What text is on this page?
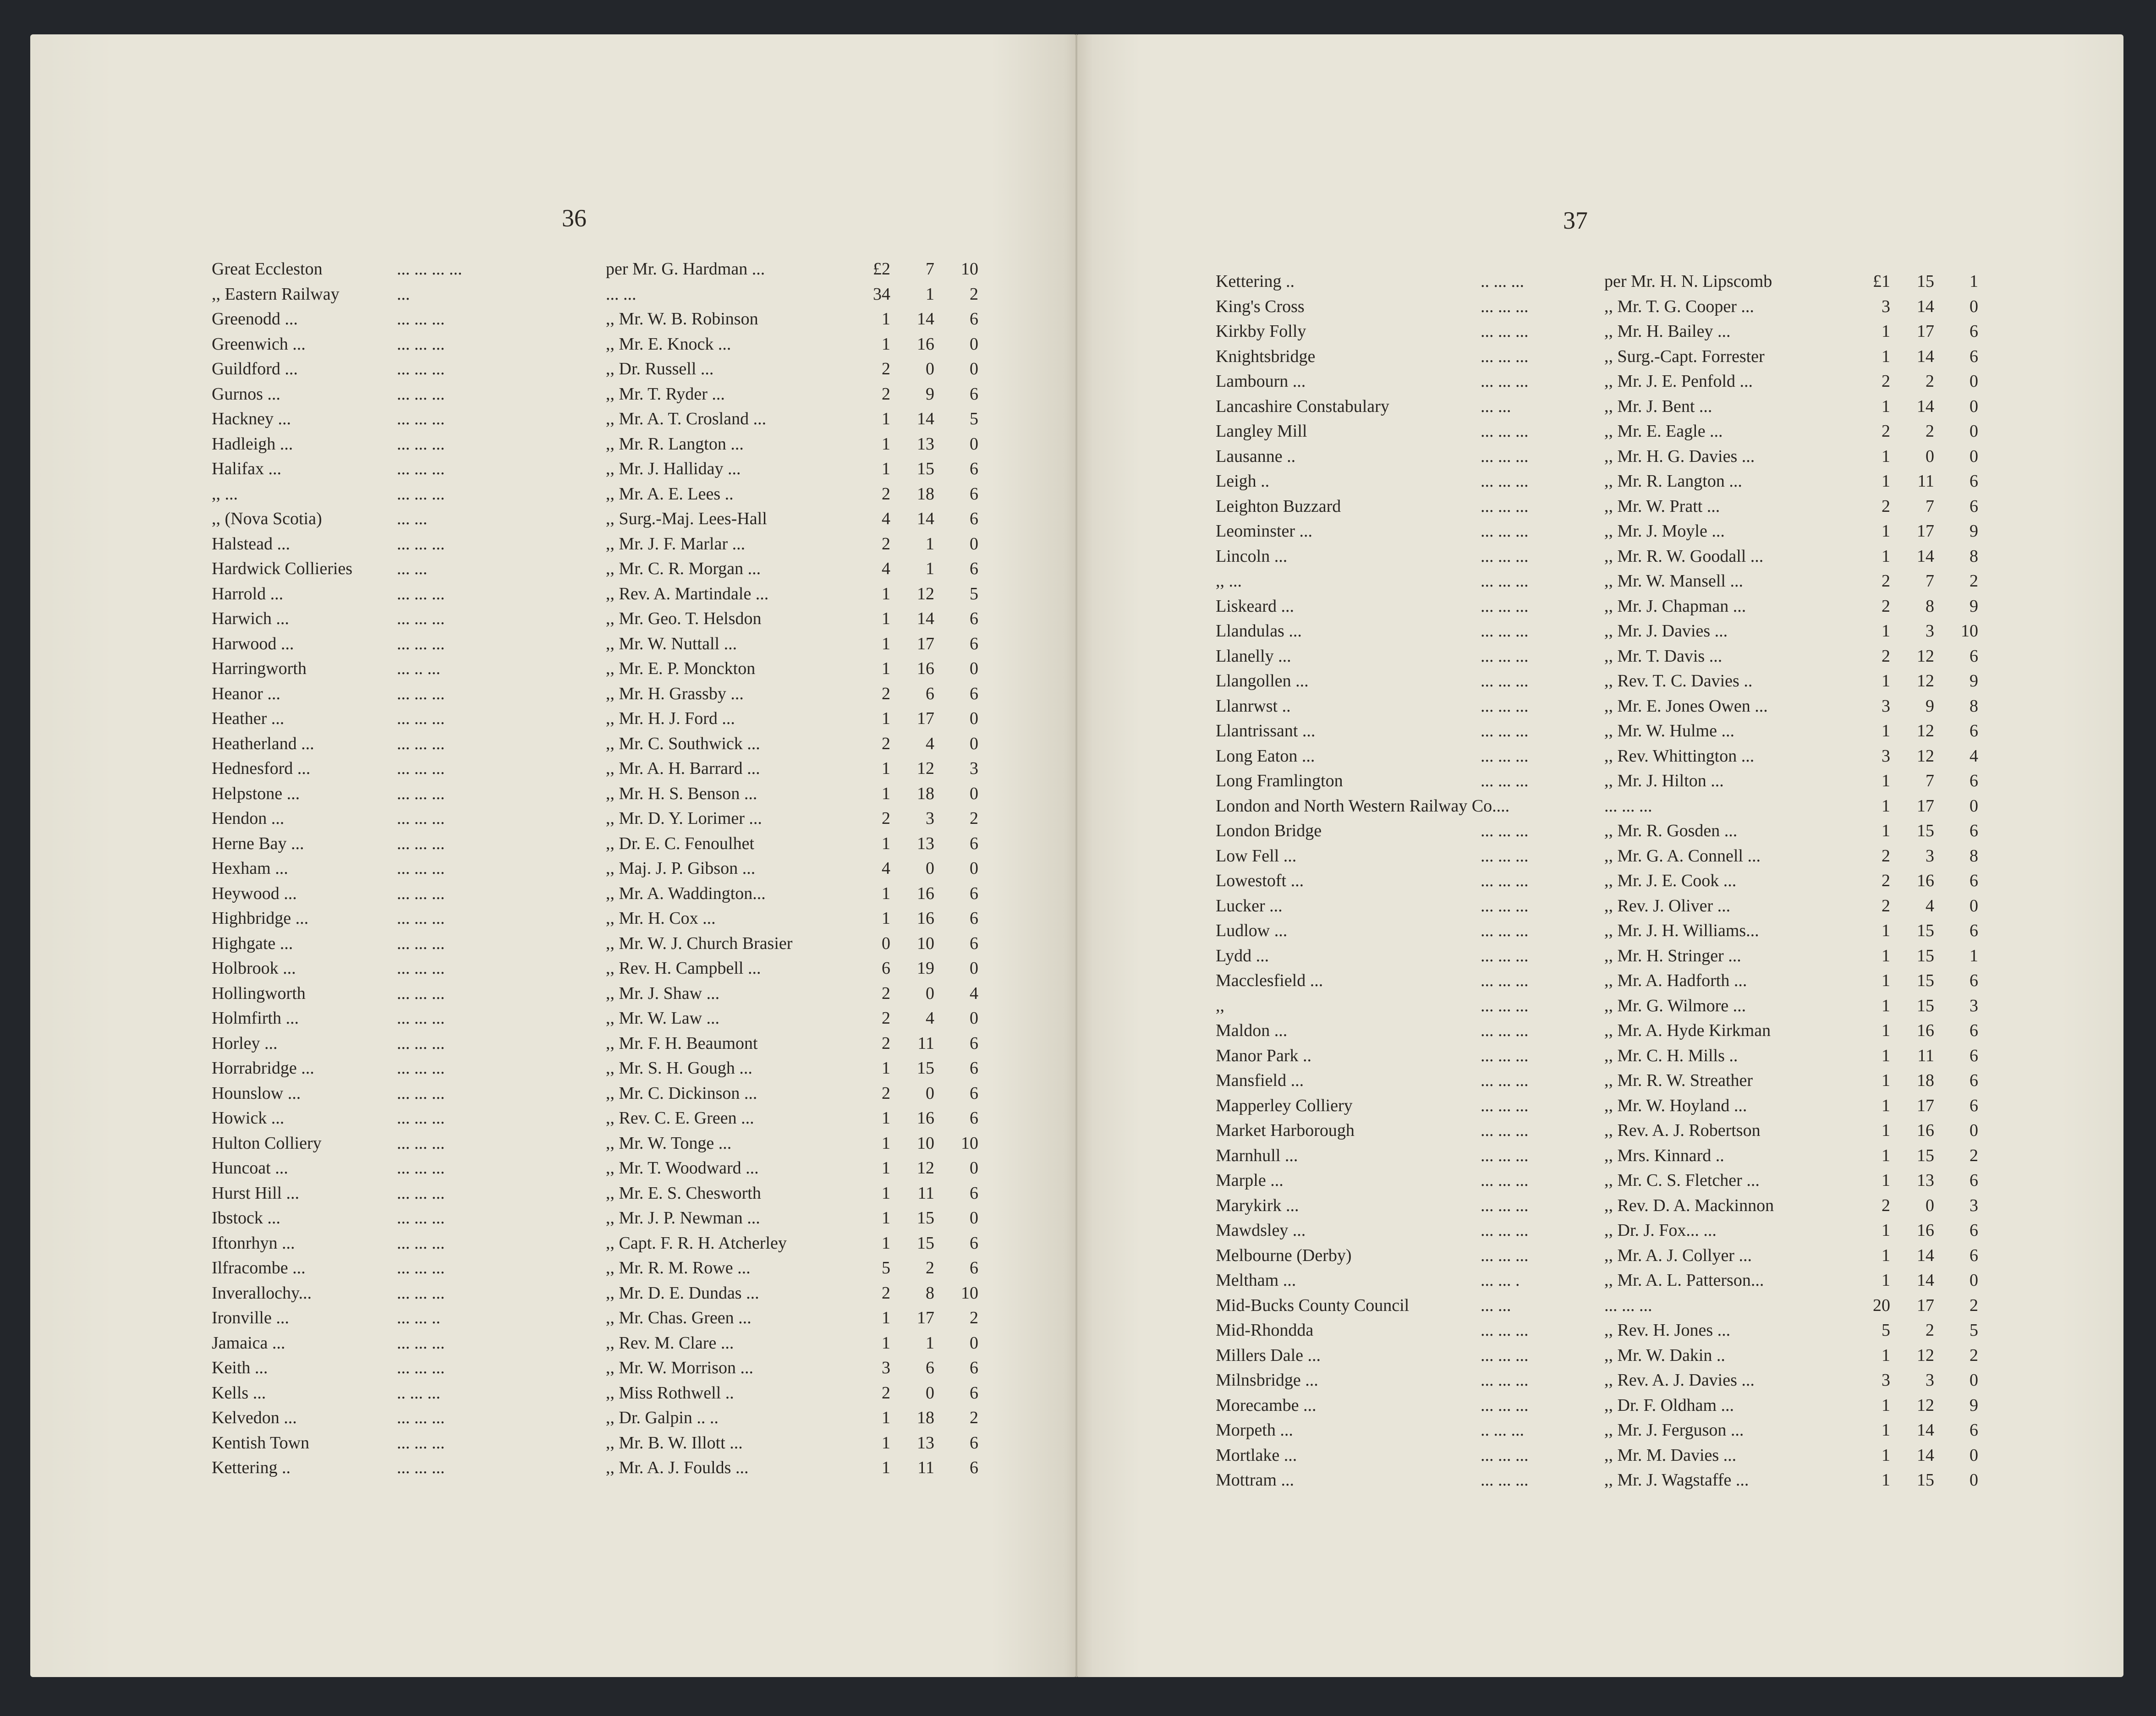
36
Great Eccleston	... ... ... ...	per Mr. G. Hardman ...	£2	7	10
,, Eastern Railway	...	... ...	34	1	2
Greenodd ...	... ... ...	,, Mr. W. B. Robinson	1	14	6
Greenwich ...	... ... ...	,, Mr. E. Knock ...	1	16	0
Guildford ...	... ... ...	,, Dr. Russell ...	2	0	0
Gurnos ...	... ... ...	,, Mr. T. Ryder ...	2	9	6
Hackney ...	... ... ...	,, Mr. A. T. Crosland ...	1	14	5
Hadleigh ...	... ... ...	,, Mr. R. Langton ...	1	13	0
Halifax ...	... ... ...	,, Mr. J. Halliday ...	1	15	6
,, ...	... ... ...	,, Mr. A. E. Lees ..	2	18	6
,, (Nova Scotia)	... ...	,, Surg.-Maj. Lees-Hall	4	14	6
Halstead ...	... ... ...	,, Mr. J. F. Marlar ...	2	1	0
Hardwick Collieries	... ...	,, Mr. C. R. Morgan ...	4	1	6
Harrold ...	... ... ...	,, Rev. A. Martindale ...	1	12	5
Harwich ...	... ... ...	,, Mr. Geo. T. Helsdon	1	14	6
Harwood ...	... ... ...	,, Mr. W. Nuttall ...	1	17	6
Harringworth	... .. ...	,, Mr. E. P. Monckton	1	16	0
Heanor ...	... ... ...	,, Mr. H. Grassby ...	2	6	6
Heather ...	... ... ...	,, Mr. H. J. Ford ...	1	17	0
Heatherland ...	... ... ...	,, Mr. C. Southwick ...	2	4	0
Hednesford ...	... ... ...	,, Mr. A. H. Barrard ...	1	12	3
Helpstone ...	... ... ...	,, Mr. H. S. Benson ...	1	18	0
Hendon ...	... ... ...	,, Mr. D. Y. Lorimer ...	2	3	2
Herne Bay ...	... ... ...	,, Dr. E. C. Fenoulhet	1	13	6
Hexham ...	... ... ...	,, Maj. J. P. Gibson ...	4	0	0
Heywood ...	... ... ...	,, Mr. A. Waddington...	1	16	6
Highbridge ...	... ... ...	,, Mr. H. Cox ...	1	16	6
Highgate ...	... ... ...	,, Mr. W. J. Church Brasier	0	10	6
Holbrook ...	... ... ...	,, Rev. H. Campbell ...	6	19	0
Hollingworth	... ... ...	,, Mr. J. Shaw ...	2	0	4
Holmfirth ...	... ... ...	,, Mr. W. Law ...	2	4	0
Horley ...	... ... ...	,, Mr. F. H. Beaumont	2	11	6
Horrabridge ...	... ... ...	,, Mr. S. H. Gough ...	1	15	6
Hounslow ...	... ... ...	,, Mr. C. Dickinson ...	2	0	6
Howick ...	... ... ...	,, Rev. C. E. Green ...	1	16	6
Hulton Colliery	... ... ...	,, Mr. W. Tonge ...	1	10	10
Huncoat ...	... ... ...	,, Mr. T. Woodward ...	1	12	0
Hurst Hill ...	... ... ...	,, Mr. E. S. Chesworth	1	11	6
Ibstock ...	... ... ...	,, Mr. J. P. Newman ...	1	15	0
Iftonrhyn ...	... ... ...	,, Capt. F. R. H. Atcherley	1	15	6
Ilfracombe ...	... ... ...	,, Mr. R. M. Rowe ...	5	2	6
Inverallochy...	... ... ...	,, Mr. D. E. Dundas ...	2	8	10
Ironville ...	... ... ..	,, Mr. Chas. Green ...	1	17	2
Jamaica ...	... ... ...	,, Rev. M. Clare ...	1	1	0
Keith ...	... ... ...	,, Mr. W. Morrison ...	3	6	6
Kells ...	.. ... ...	,, Miss Rothwell ..	2	0	6
Kelvedon ...	... ... ...	,, Dr. Galpin .. ..	1	18	2
Kentish Town	... ... ...	,, Mr. B. W. Illott ...	1	13	6
Kettering ..	... ... ...	,, Mr. A. J. Foulds ...	1	11	6
37
Kettering ..	.. ... ...	per Mr. H. N. Lipscomb	£1	15	1
King's Cross	... ... ...	,, Mr. T. G. Cooper ...	3	14	0
Kirkby Folly	... ... ...	,, Mr. H. Bailey ...	1	17	6
Knightsbridge	... ... ...	,, Surg.-Capt. Forrester	1	14	6
Lambourn ...	... ... ...	,, Mr. J. E. Penfold ...	2	2	0
Lancashire Constabulary	... ...	,, Mr. J. Bent ...	1	14	0
Langley Mill	... ... ...	,, Mr. E. Eagle ...	2	2	0
Lausanne ..	... ... ...	,, Mr. H. G. Davies ...	1	0	0
Leigh ..	... ... ...	,, Mr. R. Langton ...	1	11	6
Leighton Buzzard	... ... ...	,, Mr. W. Pratt ...	2	7	6
Leominster ...	... ... ...	,, Mr. J. Moyle ...	1	17	9
Lincoln ...	... ... ...	,, Mr. R. W. Goodall ...	1	14	8
,, ...	... ... ...	,, Mr. W. Mansell ...	2	7	2
Liskeard ...	... ... ...	,, Mr. J. Chapman ...	2	8	9
Llandulas ...	... ... ...	,, Mr. J. Davies ...	1	3	10
Llanelly ...	... ... ...	,, Mr. T. Davis ...	2	12	6
Llangollen ...	... ... ...	,, Rev. T. C. Davies ..	1	12	9
Llanrwst ..	... ... ...	,, Mr. E. Jones Owen ...	3	9	8
Llantrissant ...	... ... ...	,, Mr. W. Hulme ...	1	12	6
Long Eaton ...	... ... ...	,, Rev. Whittington ...	3	12	4
Long Framlington	... ... ...	,, Mr. J. Hilton ...	1	7	6
London and North Western Railway Co....	... ... ...	1	17	0
London Bridge	... ... ...	,, Mr. R. Gosden ...	1	15	6
Low Fell ...	... ... ...	,, Mr. G. A. Connell ...	2	3	8
Lowestoft ...	... ... ...	,, Mr. J. E. Cook ...	2	16	6
Lucker ...	... ... ...	,, Rev. J. Oliver ...	2	4	0
Ludlow ...	... ... ...	,, Mr. J. H. Williams...	1	15	6
Lydd ...	... ... ...	,, Mr. H. Stringer ...	1	15	1
Macclesfield ...	... ... ...	,, Mr. A. Hadforth ...	1	15	6
,,	... ... ...	,, Mr. G. Wilmore ...	1	15	3
Maldon ...	... ... ...	,, Mr. A. Hyde Kirkman	1	16	6
Manor Park ..	... ... ...	,, Mr. C. H. Mills ..	1	11	6
Mansfield ...	... ... ...	,, Mr. R. W. Streather	1	18	6
Mapperley Colliery	... ... ...	,, Mr. W. Hoyland ...	1	17	6
Market Harborough	... ... ...	,, Rev. A. J. Robertson	1	16	0
Marnhull ...	... ... ...	,, Mrs. Kinnard ..	1	15	2
Marple ...	... ... ...	,, Mr. C. S. Fletcher ...	1	13	6
Marykirk ...	... ... ...	,, Rev. D. A. Mackinnon	2	0	3
Mawdsley ...	... ... ...	,, Dr. J. Fox... ...	1	16	6
Melbourne (Derby)	... ... ...	,, Mr. A. J. Collyer ...	1	14	6
Meltham ...	... ... .	,, Mr. A. L. Patterson...	1	14	0
Mid-Bucks County Council	... ...	... ... ...	20	17	2
Mid-Rhondda	... ... ...	,, Rev. H. Jones ...	5	2	5
Millers Dale ...	... ... ...	,, Mr. W. Dakin ..	1	12	2
Milnsbridge ...	... ... ...	,, Rev. A. J. Davies ...	3	3	0
Morecambe ...	... ... ...	,, Dr. F. Oldham ...	1	12	9
Morpeth ...	.. ... ...	,, Mr. J. Ferguson ...	1	14	6
Mortlake ...	... ... ...	,, Mr. M. Davies ...	1	14	0
Mottram ...	... ... ...	,, Mr. J. Wagstaffe ...	1	15	0
